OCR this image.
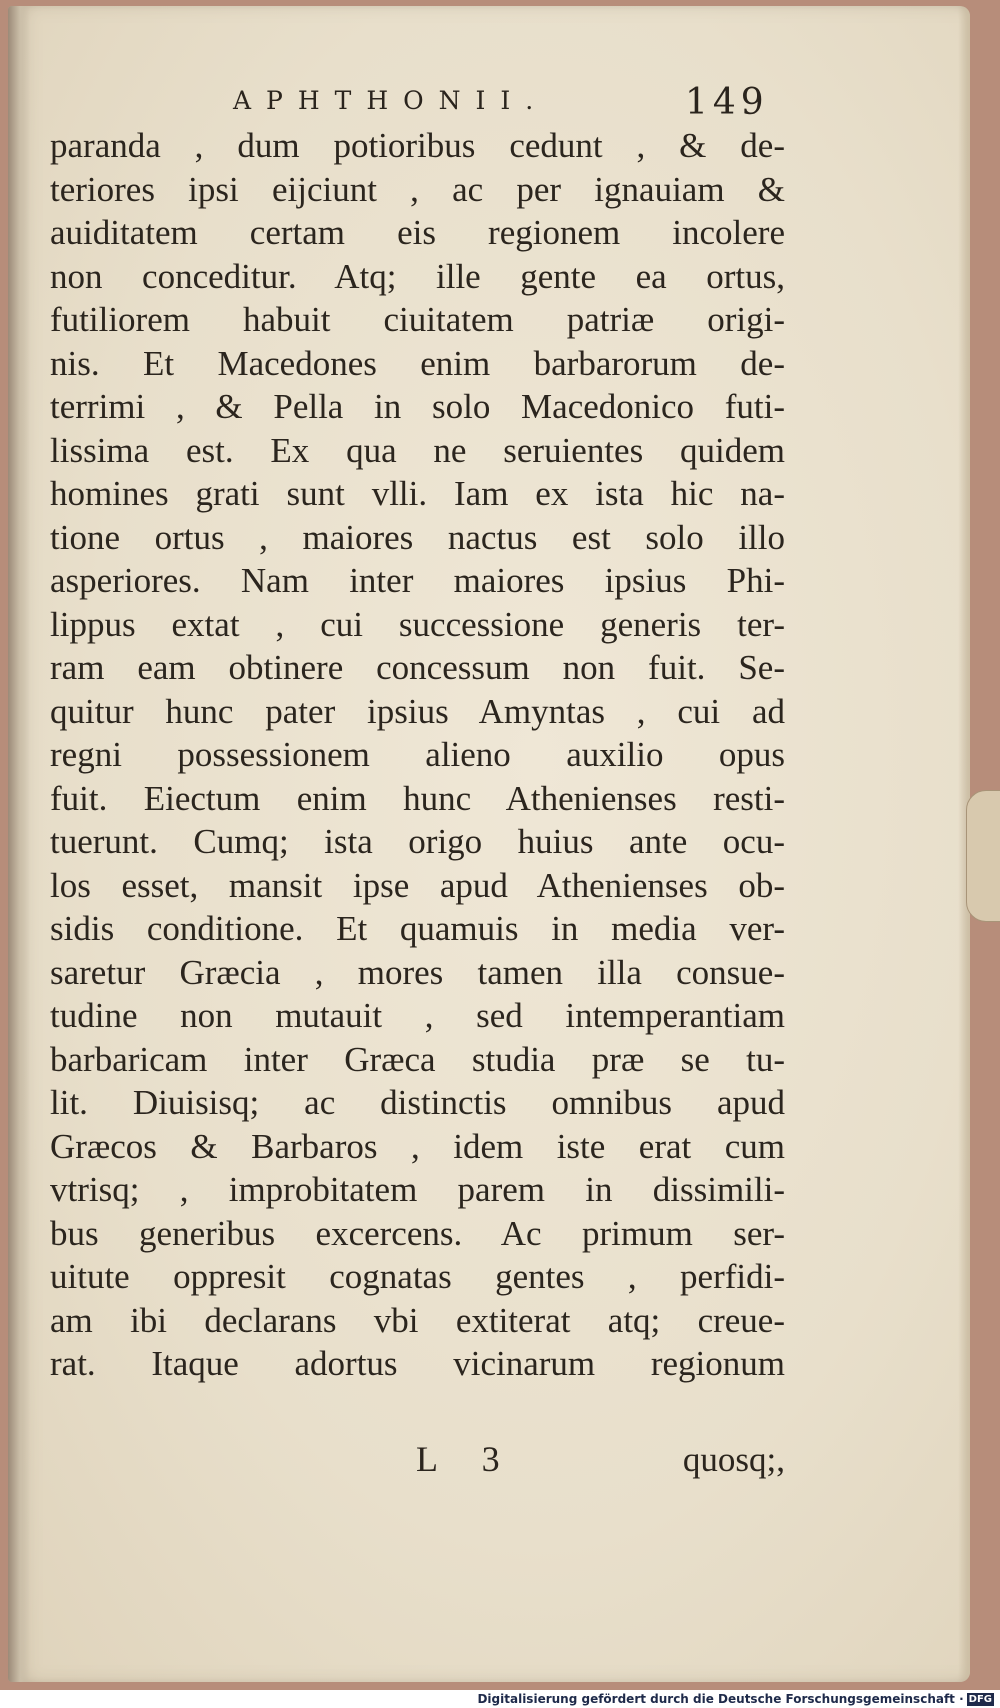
APHTHONII.	149
paranda , dum potioribus cedunt , & de-
teriores ipsi eijciunt , ac per ignauiam &
auiditatem certam eis regionem incolere
non conceditur. Atq; ille gente ea ortus,
futiliorem habuit ciuitatem patriæ origi-
nis. Et Macedones enim barbarorum de-
terrimi , & Pella in solo Macedonico futi-
lissima est. Ex qua ne seruientes quidem
homines grati sunt vlli. Iam ex ista hic na-
tione ortus , maiores nactus est solo illo
asperiores. Nam inter maiores ipsius Phi-
lippus extat , cui successione generis ter-
ram eam obtinere concessum non fuit. Se-
quitur hunc pater ipsius Amyntas , cui ad
regni possessionem alieno auxilio opus
fuit. Eiectum enim hunc Athenienses resti-
tuerunt. Cumq; ista origo huius ante ocu-
los esset, mansit ipse apud Athenienses ob-
sidis conditione. Et quamuis in media ver-
saretur Græcia , mores tamen illa consue-
tudine non mutauit , sed intemperantiam
barbaricam inter Græca studia præ se tu-
lit. Diuisisq; ac distinctis omnibus apud
Græcos & Barbaros , idem iste erat cum
vtrisq; , improbitatem parem in dissimili-
bus generibus excercens. Ac primum ser-
uitute oppresit cognatas gentes , perfidi-
am ibi declarans vbi extiterat atq; creue-
rat. Itaque adortus vicinarum regionum
L 3	quosq;,
Digitalisierung gefördert durch die Deutsche Forschungsgemeinschaft · DFG
